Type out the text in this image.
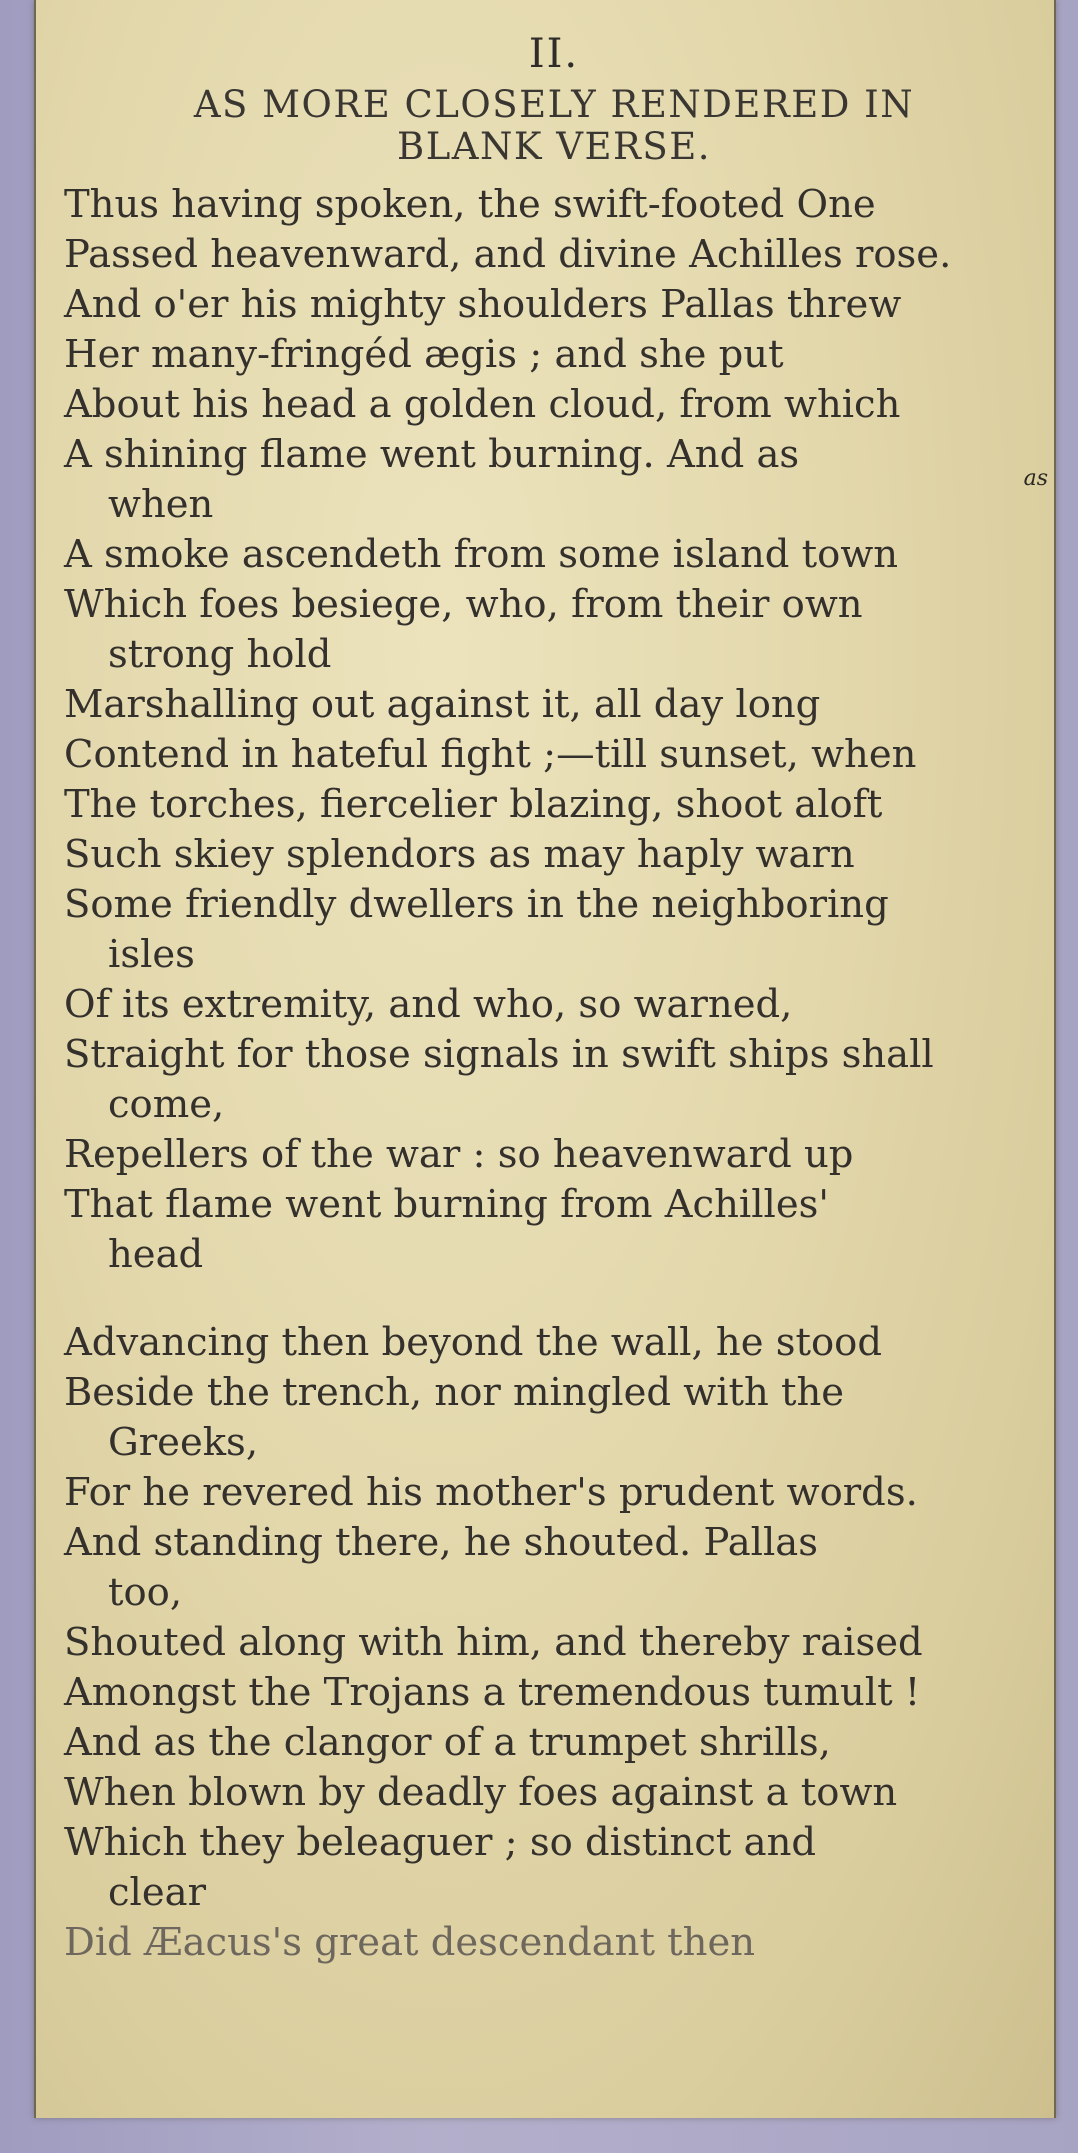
II.
AS MORE CLOSELY RENDERED IN
BLANK VERSE.
Thus having spoken, the swift-footed One
Passed heavenward, and divine Achilles rose.
And o'er his mighty shoulders Pallas threw
Her many-fringéd ægis ; and she put
About his head a golden cloud, from which
A shining flame went burning. And as
when
A smoke ascendeth from some island town
Which foes besiege, who, from their own
strong hold
Marshalling out against it, all day long
Contend in hateful fight ;—till sunset, when
The torches, fiercelier blazing, shoot aloft
Such skiey splendors as may haply warn
Some friendly dwellers in the neighboring
isles
Of its extremity, and who, so warned,
Straight for those signals in swift ships shall
come,
Repellers of the war : so heavenward up
That flame went burning from Achilles'
head
Advancing then beyond the wall, he stood
Beside the trench, nor mingled with the
Greeks,
For he revered his mother's prudent words.
And standing there, he shouted. Pallas
too,
Shouted along with him, and thereby raised
Amongst the Trojans a tremendous tumult !
And as the clangor of a trumpet shrills,
When blown by deadly foes against a town
Which they beleaguer ; so distinct and
clear
Did Æacus's great descendant then
as
